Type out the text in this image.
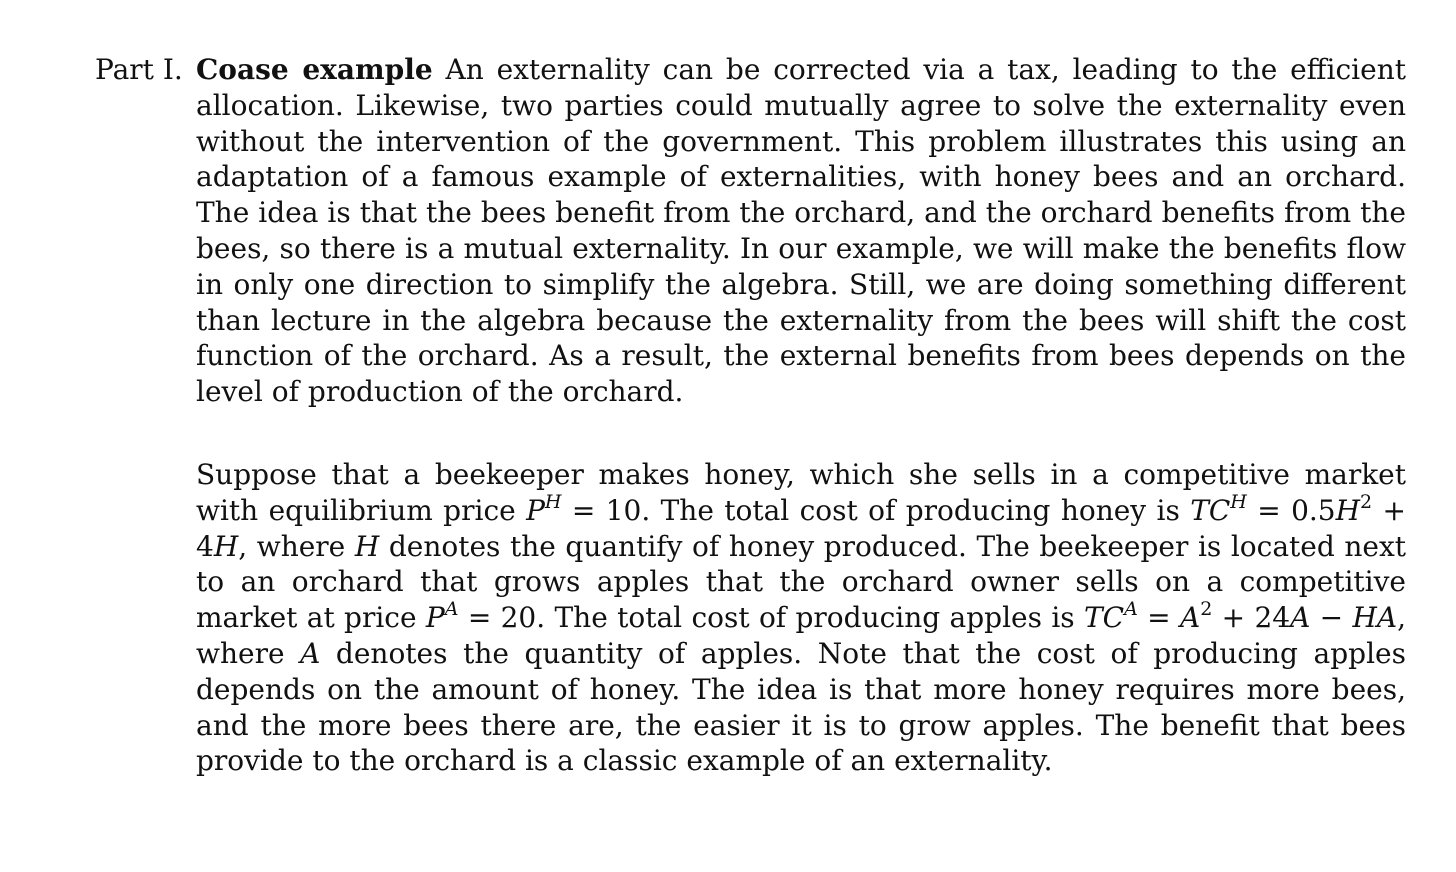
Part I. Coase example An externality can be corrected via a tax, leading to the efficient allocation. Likewise, two parties could mutually agree to solve the externality even without the intervention of the government. This problem illustrates this using an adaptation of a famous example of externalities, with honey bees and an orchard. The idea is that the bees benefit from the orchard, and the orchard benefits from the bees, so there is a mutual externality. In our example, we will make the benefits flow in only one direction to simplify the algebra. Still, we are doing something different than lecture in the algebra because the externality from the bees will shift the cost function of the orchard. As a result, the external benefits from bees depends on the level of production of the orchard.

Suppose that a beekeeper makes honey, which she sells in a competitive market with equilibrium price $P^H = 10$. The total cost of producing honey is $TC^H = 0.5H^2 + 4H$, where H denotes the quantify of honey produced. The beekeeper is located next to an orchard that grows apples that the orchard owner sells on a competitive market at price $P^A = 20$. The total cost of producing apples is $TC^A = A^2 + 24A$ − HA, where A denotes the quantity of apples. Note that the cost of producing apples depends on the amount of honey. The idea is that more honey requires more bees, and the more bees there are, the easier it is to grow apples. The benefit that bees provide to the orchard is a classic example of an externality.
